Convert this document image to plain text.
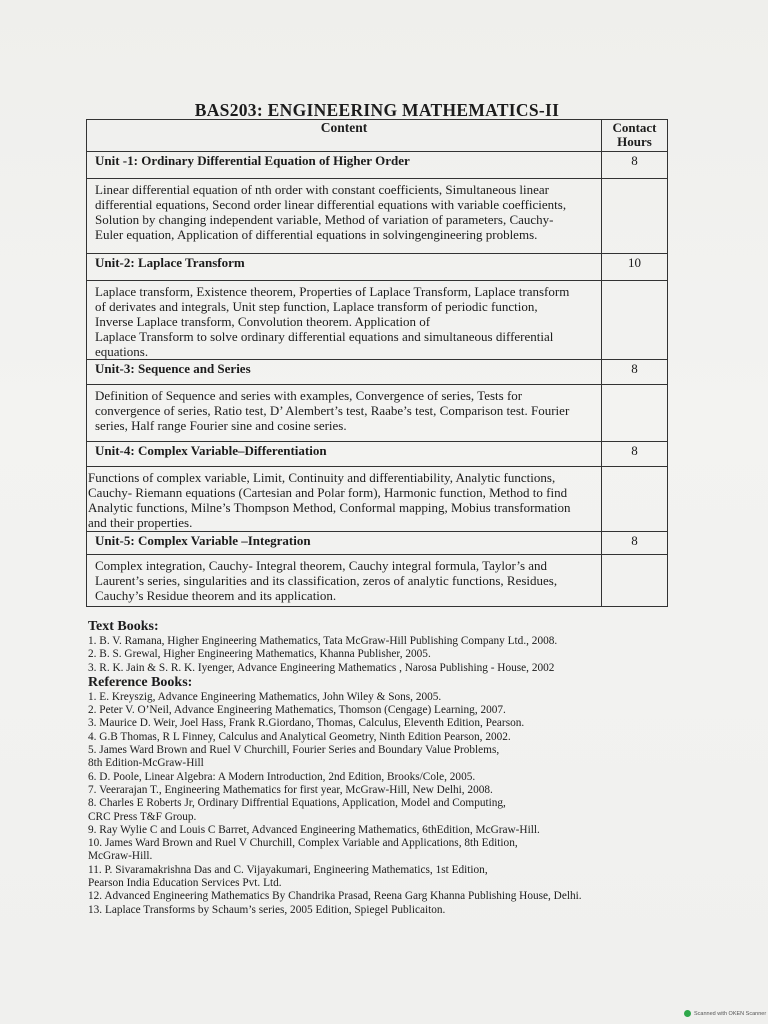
BAS203: ENGINEERING MATHEMATICS-II
Content	Contact
Hours
Unit -1: Ordinary Differential Equation of Higher Order	8

Linear differential equation of nth order with constant coefficients, Simultaneous linear
differential equations, Second order linear differential equations with variable coefficients,
Solution by changing independent variable, Method of variation of parameters, Cauchy-
Euler equation, Application of differential equations in solvingengineering problems.	

Unit-2: Laplace Transform	10

Laplace transform, Existence theorem, Properties of Laplace Transform, Laplace transform
of derivates and integrals, Unit step function, Laplace transform of periodic function,
Inverse Laplace transform, Convolution theorem. Application of
Laplace Transform to solve ordinary differential equations and simultaneous differential
equations.	

Unit-3: Sequence and Series	8

Definition of Sequence and series with examples, Convergence of series, Tests for
convergence of series, Ratio test, D’ Alembert’s test, Raabe’s test, Comparison test. Fourier
series, Half range Fourier sine and cosine series.	

Unit-4: Complex Variable–Differentiation	8

Functions of complex variable, Limit, Continuity and differentiability, Analytic functions,
Cauchy- Riemann equations (Cartesian and Polar form), Harmonic function, Method to find
Analytic functions, Milne’s Thompson Method, Conformal mapping, Mobius transformation
and their properties.	

Unit-5: Complex Variable –Integration	8

Complex integration, Cauchy- Integral theorem, Cauchy integral formula, Taylor’s and
Laurent’s series, singularities and its classification, zeros of analytic functions, Residues,
Cauchy’s Residue theorem and its application.	

Text Books:
1. B. V. Ramana, Higher Engineering Mathematics, Tata McGraw-Hill Publishing Company Ltd., 2008.
2. B. S. Grewal, Higher Engineering Mathematics, Khanna Publisher, 2005.
3. R. K. Jain & S. R. K. Iyenger, Advance Engineering Mathematics , Narosa Publishing - House, 2002
Reference Books:
1. E. Kreyszig, Advance Engineering Mathematics, John Wiley & Sons, 2005.
2. Peter V. O’Neil, Advance Engineering Mathematics, Thomson (Cengage) Learning, 2007.
3. Maurice D. Weir, Joel Hass, Frank R.Giordano, Thomas, Calculus, Eleventh Edition, Pearson.
4. G.B Thomas, R L Finney, Calculus and Analytical Geometry, Ninth Edition Pearson, 2002.
5. James Ward Brown and Ruel V Churchill, Fourier Series and Boundary Value Problems,
8th Edition-McGraw-Hill
6. D. Poole, Linear Algebra: A Modern Introduction, 2nd Edition, Brooks/Cole, 2005.
7. Veerarajan T., Engineering Mathematics for first year, McGraw-Hill, New Delhi, 2008.
8. Charles E Roberts Jr, Ordinary Diffrential Equations, Application, Model and Computing,
CRC Press T&F Group.
9. Ray Wylie C and Louis C Barret, Advanced Engineering Mathematics, 6thEdition, McGraw-Hill.
10. James Ward Brown and Ruel V Churchill, Complex Variable and Applications, 8th Edition,
McGraw-Hill.
11. P. Sivaramakrishna Das and C. Vijayakumari, Engineering Mathematics, 1st Edition,
Pearson India Education Services Pvt. Ltd.
12. Advanced Engineering Mathematics By Chandrika Prasad, Reena Garg Khanna Publishing House, Delhi.
13. Laplace Transforms by Schaum’s series, 2005 Edition, Spiegel Publicaiton.
Scanned with OKEN Scanner
